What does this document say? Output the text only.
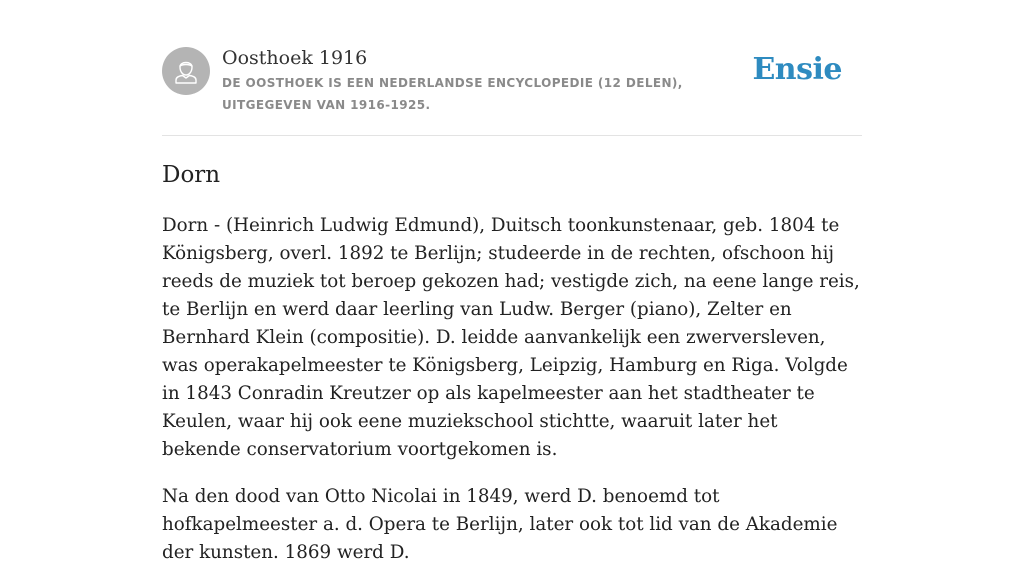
Oosthoek 1916
DE OOSTHOEK IS EEN NEDERLANDSE ENCYCLOPEDIE (12 DELEN), UITGEGEVEN VAN 1916-1925.
Ensie
Dorn

Dorn - (Heinrich Ludwig Edmund), Duitsch toonkunstenaar, geb. 1804 te Königsberg, overl. 1892 te Berlijn; studeerde in de rechten, ofschoon hij reeds de muziek tot beroep gekozen had; vestigde zich, na eene lange reis, te Berlijn en werd daar leerling van Ludw. Berger (piano), Zelter en Bernhard Klein (compositie). D. leidde aanvankelijk een zwerversleven, was operakapelmeester te Königsberg, Leipzig, Hamburg en Riga. Volgde in 1843 Conradin Kreutzer op als kapelmeester aan het stadtheater te Keulen, waar hij ook eene muziekschool stichtte, waaruit later het bekende conservatorium voortgekomen is.

Na den dood van Otto Nicolai in 1849, werd D. benoemd tot hofkapelmeester a. d. Opera te Berlijn, later ook tot lid van de Akademie der kunsten. 1869 werd D.
